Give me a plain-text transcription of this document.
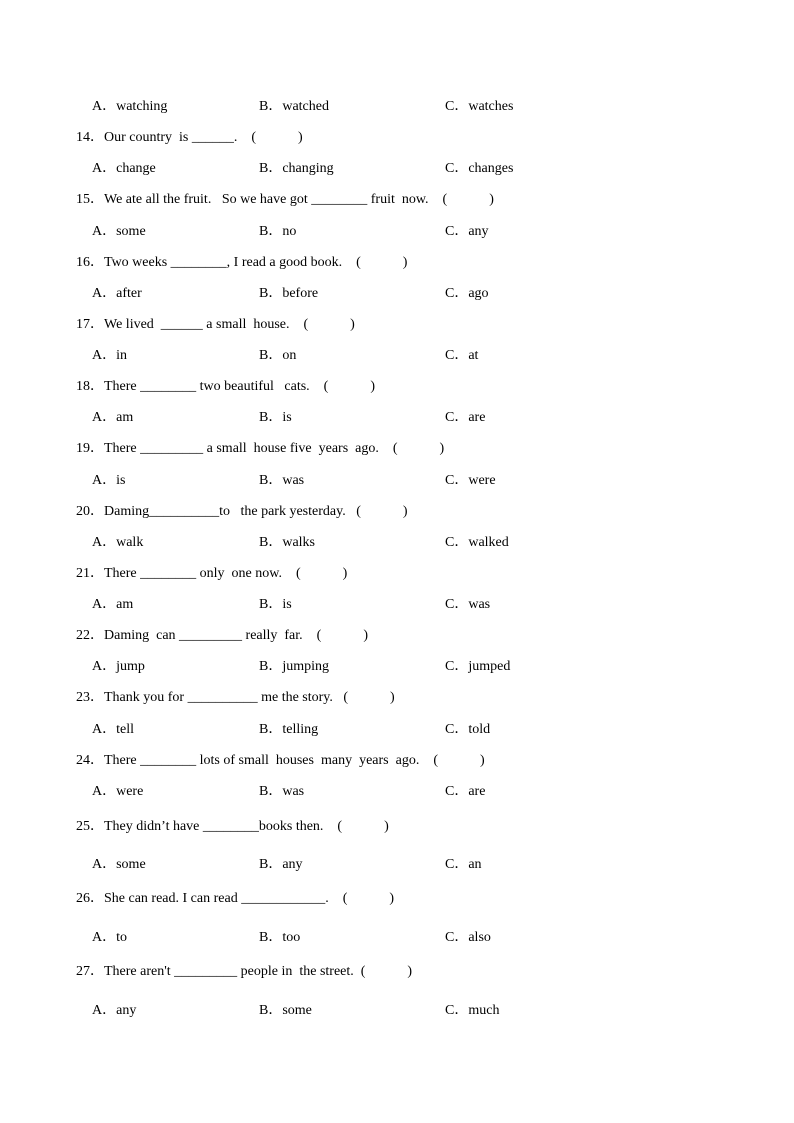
A．watching	B．watched	C．watches
14．Our country  is ______.    (            )
A．change	B．changing	C．changes
15．We ate all the fruit.   So we have got ________ fruit  now.    (            )
A．some	B．no	C．any
16．Two weeks ________, I read a good book.    (            )
A．after	B．before	C．ago
17．We lived  ______ a small  house.    (            )
A．in	B．on	C．at
18．There ________ two beautiful   cats.    (            )
A．am	B．is	C．are
19．There _________ a small  house five  years  ago.    (            )
A．is	B．was	C．were
20．Daming__________to   the park yesterday.   (            )
A．walk	B．walks	C．walked
21．There ________ only  one now.    (            )
A．am	B．is	C．was
22．Daming  can _________ really  far.    (            )
A．jump	B．jumping	C．jumped
23．Thank you for __________ me the story.   (            )
A．tell	B．telling	C．told
24．There ________ lots of small  houses  many  years  ago.    (            )
A．were	B．was	C．are
25．They didn’t have ________books then.    (            )
A．some	B．any	C．an
26．She can read. I can read ____________.    (            )
A．to	B．too	C．also
27．There aren't _________ people in  the street.  (            )
A．any	B．some	C．much
